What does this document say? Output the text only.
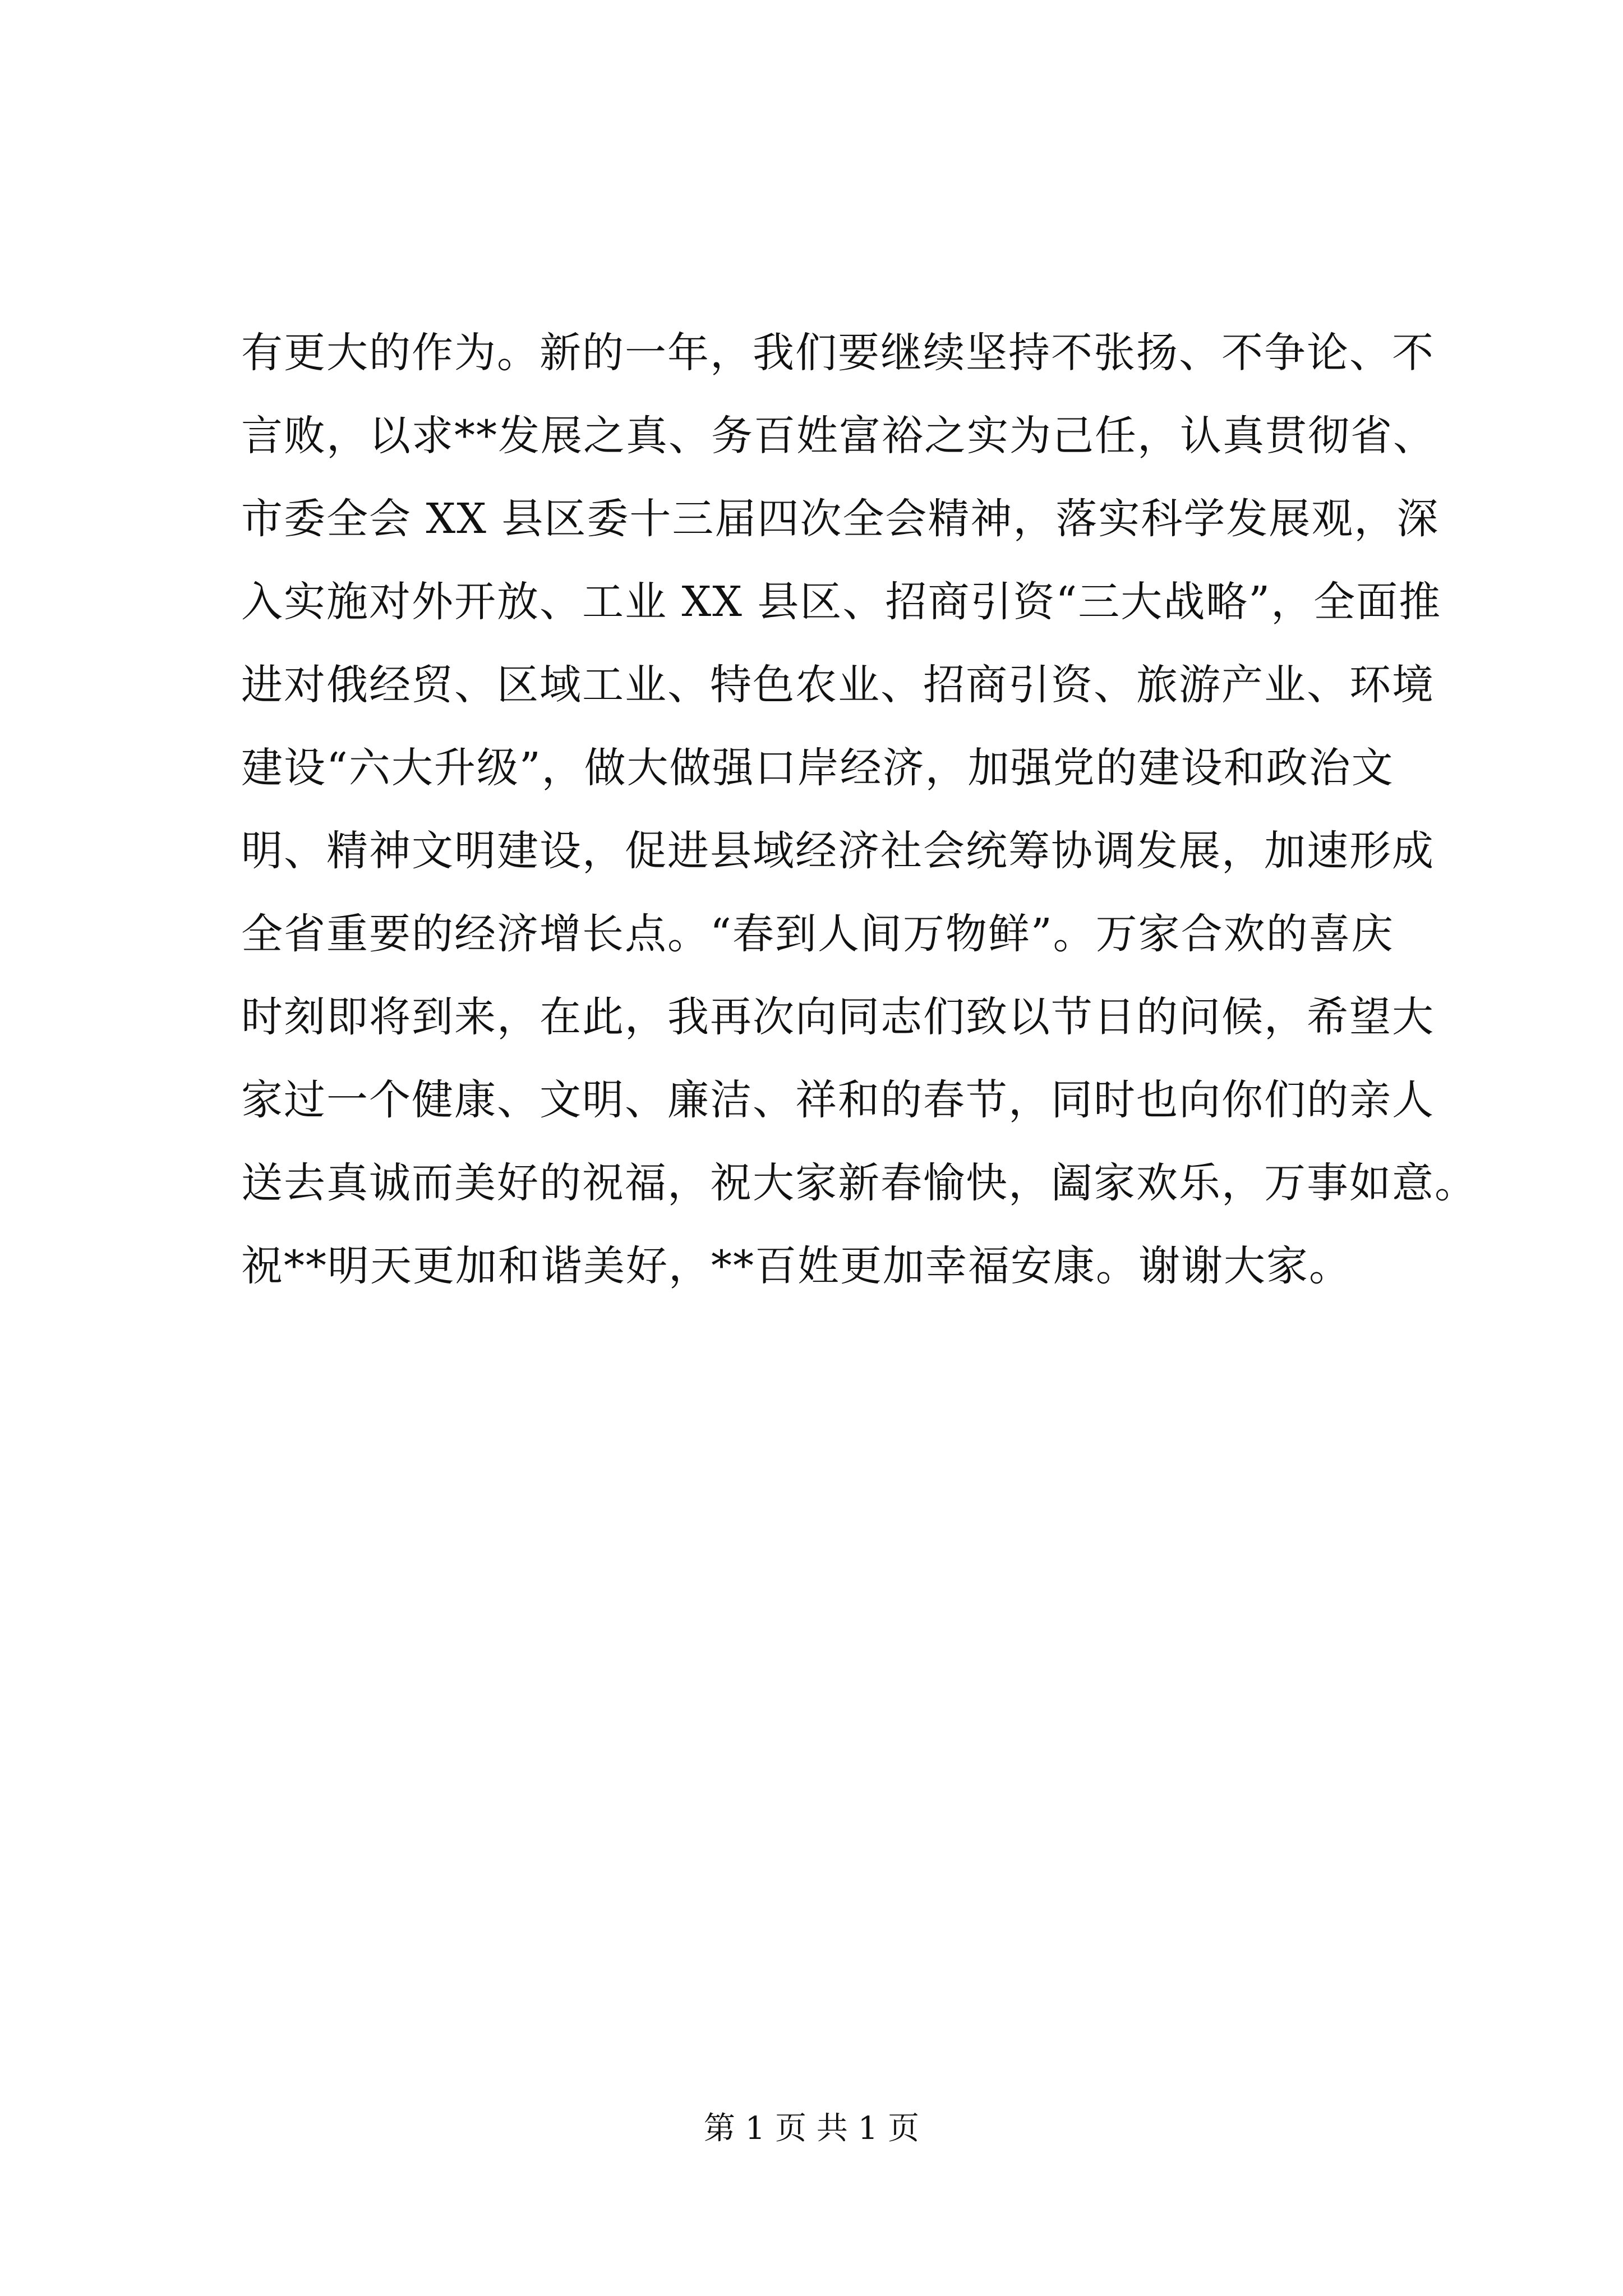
有更大的作为。新的一年，我们要继续坚持不张扬、不争论、不
言败，以求**发展之真、务百姓富裕之实为己任，认真贯彻省、
市委全会 XX 县区委十三届四次全会精神，落实科学发展观，深
入实施对外开放、工业 XX 县区、招商引资“三大战略”，全面推
进对俄经贸、区域工业、特色农业、招商引资、旅游产业、环境
建设“六大升级”，做大做强口岸经济，加强党的建设和政治文
明、精神文明建设，促进县域经济社会统筹协调发展，加速形成
全省重要的经济增长点。“春到人间万物鲜”。万家合欢的喜庆
时刻即将到来，在此，我再次向同志们致以节日的问候，希望大
家过一个健康、文明、廉洁、祥和的春节，同时也向你们的亲人
送去真诚而美好的祝福，祝大家新春愉快，阖家欢乐，万事如意。
祝**明天更加和谐美好，**百姓更加幸福安康。谢谢大家。
第 1 页 共 1 页
